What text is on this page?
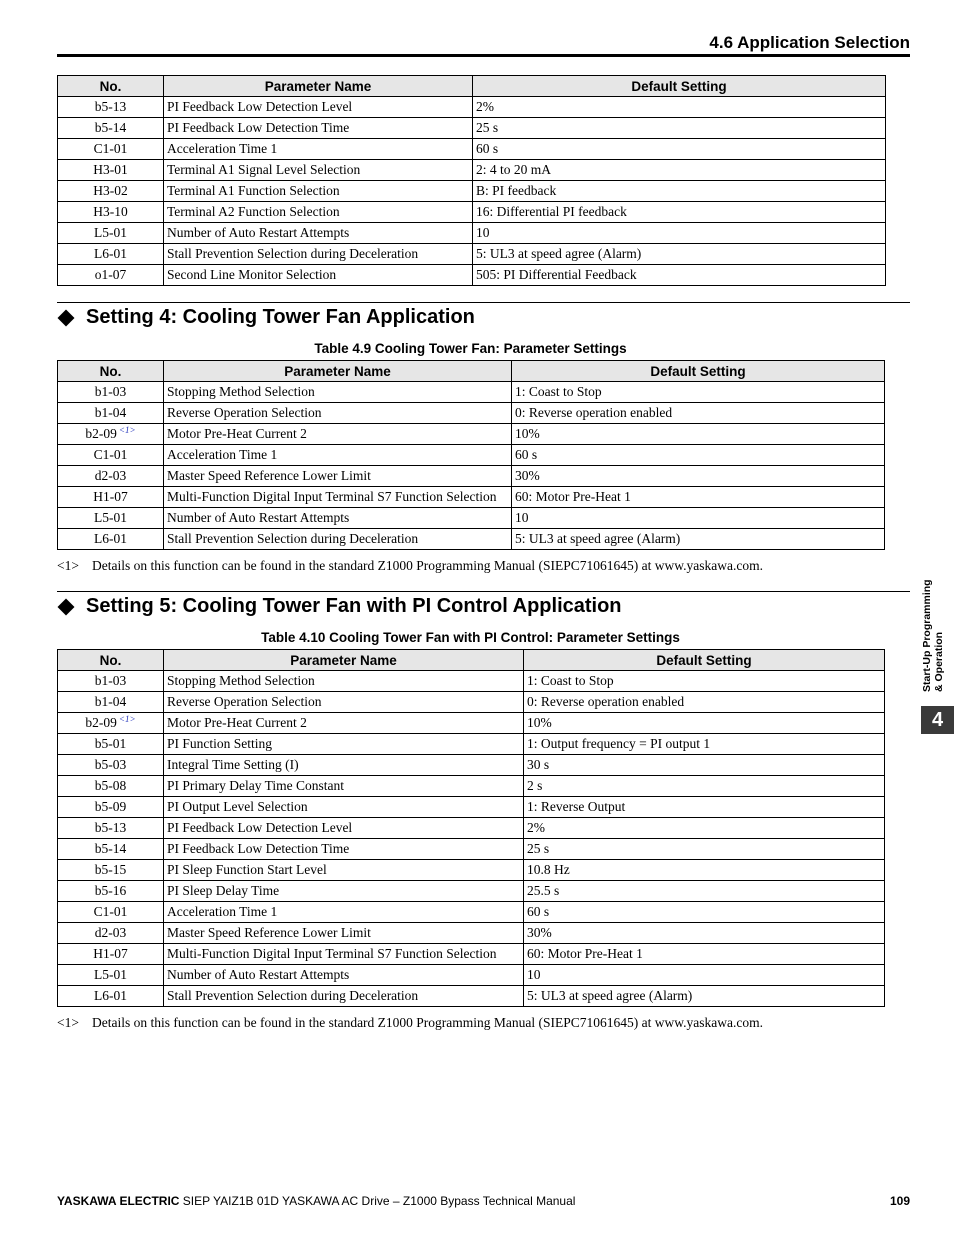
4.6 Application Selection
No.	Parameter Name	Default Setting
b5-13	PI Feedback Low Detection Level	2%
b5-14	PI Feedback Low Detection Time	25 s
C1-01	Acceleration Time 1	60 s
H3-01	Terminal A1 Signal Level Selection	2: 4 to 20 mA
H3-02	Terminal A1 Function Selection	B: PI feedback
H3-10	Terminal A2 Function Selection	16: Differential PI feedback
L5-01	Number of Auto Restart Attempts	10
L6-01	Stall Prevention Selection during Deceleration	5: UL3 at speed agree (Alarm)
o1-07	Second Line Monitor Selection	505: PI Differential Feedback
Setting 4: Cooling Tower Fan Application
Table 4.9 Cooling Tower Fan: Parameter Settings
No.	Parameter Name	Default Setting
b1-03	Stopping Method Selection	1: Coast to Stop
b1-04	Reverse Operation Selection	0: Reverse operation enabled
b2-09 $^{<1>}$	Motor Pre-Heat Current 2	10%
C1-01	Acceleration Time 1	60 s
d2-03	Master Speed Reference Lower Limit	30%
H1-07	Multi-Function Digital Input Terminal S7 Function Selection	60: Motor Pre-Heat 1
L5-01	Number of Auto Restart Attempts	10
L6-01	Stall Prevention Selection during Deceleration	5: UL3 at speed agree (Alarm)
<1> Details on this function can be found in the standard Z1000 Programming Manual (SIEPC71061645) at www.yaskawa.com.
Setting 5: Cooling Tower Fan with PI Control Application
Table 4.10 Cooling Tower Fan with PI Control: Parameter Settings
No.	Parameter Name	Default Setting
b1-03	Stopping Method Selection	1: Coast to Stop
b1-04	Reverse Operation Selection	0: Reverse operation enabled
b2-09 $^{<1>}$	Motor Pre-Heat Current 2	10%
b5-01	PI Function Setting	1: Output frequency = PI output 1
b5-03	Integral Time Setting (I)	30 s
b5-08	PI Primary Delay Time Constant	2 s
b5-09	PI Output Level Selection	1: Reverse Output
b5-13	PI Feedback Low Detection Level	2%
b5-14	PI Feedback Low Detection Time	25 s
b5-15	PI Sleep Function Start Level	10.8 Hz
b5-16	PI Sleep Delay Time	25.5 s
C1-01	Acceleration Time 1	60 s
d2-03	Master Speed Reference Lower Limit	30%
H1-07	Multi-Function Digital Input Terminal S7 Function Selection	60: Motor Pre-Heat 1
L5-01	Number of Auto Restart Attempts	10
L6-01	Stall Prevention Selection during Deceleration	5: UL3 at speed agree (Alarm)
<1> Details on this function can be found in the standard Z1000 Programming Manual (SIEPC71061645) at www.yaskawa.com.
Start-Up Programming & Operation
4
YASKAWA ELECTRIC SIEP YAIZ1B 01D YASKAWA AC Drive – Z1000 Bypass Technical Manual	109
